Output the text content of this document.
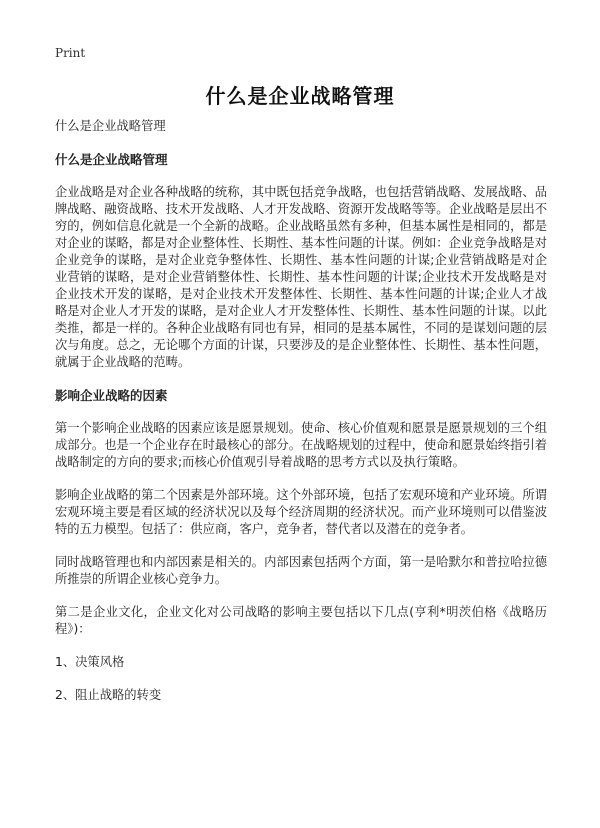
Print
什么是企业战略管理
什么是企业战略管理
什么是企业战略管理
企业战略是对企业各种战略的统称，其中既包括竞争战略，也包括营销战略、发展战略、品牌战略、融资战略、技术开发战略、人才开发战略、资源开发战略等等。企业战略是层出不穷的，例如信息化就是一个全新的战略。企业战略虽然有多种，但基本属性是相同的，都是对企业的谋略，都是对企业整体性、长期性、基本性问题的计谋。例如：企业竞争战略是对企业竞争的谋略，是对企业竞争整体性、长期性、基本性问题的计谋;企业营销战略是对企业营销的谋略，是对企业营销整体性、长期性、基本性问题的计谋;企业技术开发战略是对企业技术开发的谋略，是对企业技术开发整体性、长期性、基本性问题的计谋;企业人才战略是对企业人才开发的谋略，是对企业人才开发整体性、长期性、基本性问题的计谋。以此类推，都是一样的。各种企业战略有同也有异，相同的是基本属性，不同的是谋划问题的层次与角度。总之，无论哪个方面的计谋，只要涉及的是企业整体性、长期性、基本性问题，就属于企业战略的范畴。
影响企业战略的因素
第一个影响企业战略的因素应该是愿景规划。使命、核心价值观和愿景是愿景规划的三个组成部分。也是一个企业存在时最核心的部分。在战略规划的过程中，使命和愿景始终指引着战略制定的方向的要求;而核心价值观引导着战略的思考方式以及执行策略。
影响企业战略的第二个因素是外部环境。这个外部环境，包括了宏观环境和产业环境。所谓宏观环境主要是看区域的经济状况以及每个经济周期的经济状况。而产业环境则可以借鉴波特的五力模型。包括了：供应商，客户，竞争者，替代者以及潜在的竞争者。
同时战略管理也和内部因素是相关的。内部因素包括两个方面，第一是哈默尔和普拉哈拉德所推崇的所谓企业核心竞争力。
第二是企业文化，企业文化对公司战略的影响主要包括以下几点(亨利*明茨伯格《战略历程》)：
1、决策风格
2、阻止战略的转变
